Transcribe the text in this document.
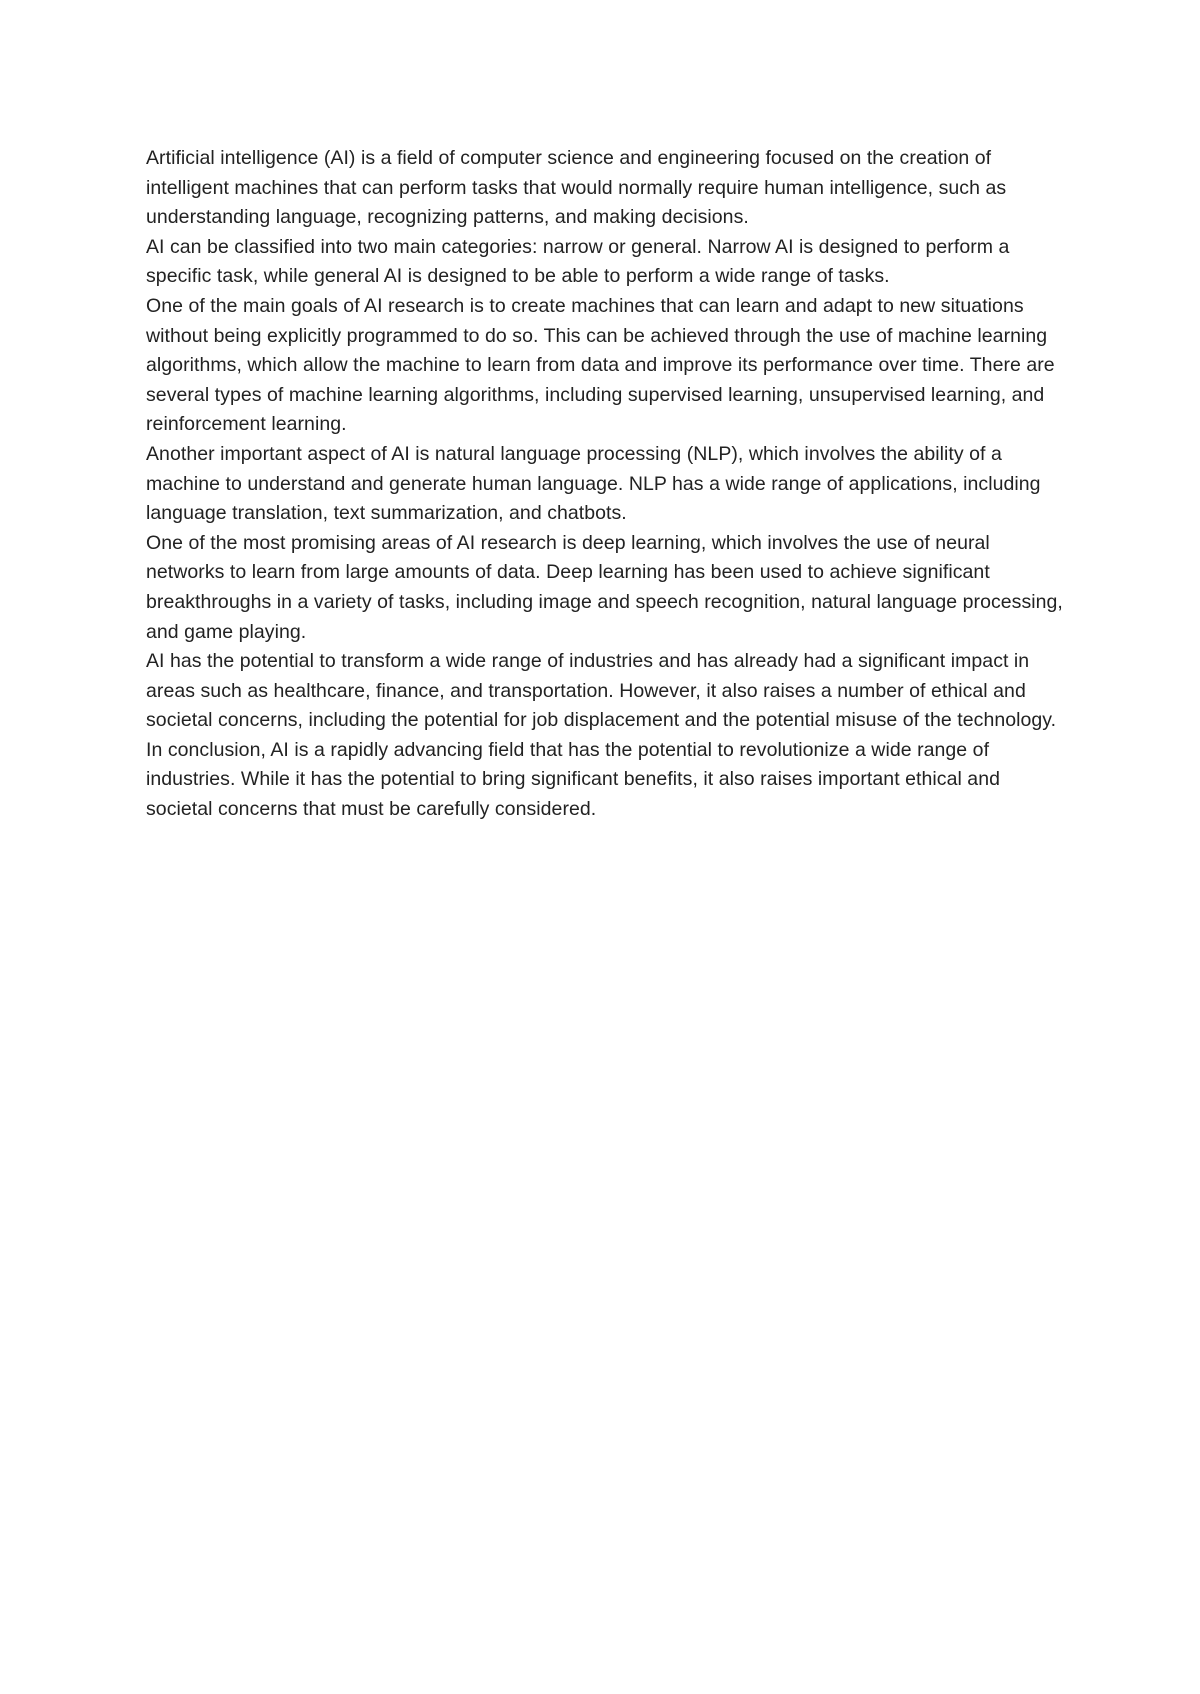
Artificial intelligence (AI) is a field of computer science and engineering focused on the creation of intelligent machines that can perform tasks that would normally require human intelligence, such as understanding language, recognizing patterns, and making decisions.

AI can be classified into two main categories: narrow or general. Narrow AI is designed to perform a specific task, while general AI is designed to be able to perform a wide range of tasks.

One of the main goals of AI research is to create machines that can learn and adapt to new situations without being explicitly programmed to do so. This can be achieved through the use of machine learning algorithms, which allow the machine to learn from data and improve its performance over time. There are several types of machine learning algorithms, including supervised learning, unsupervised learning, and reinforcement learning.

Another important aspect of AI is natural language processing (NLP), which involves the ability of a machine to understand and generate human language. NLP has a wide range of applications, including language translation, text summarization, and chatbots.

One of the most promising areas of AI research is deep learning, which involves the use of neural networks to learn from large amounts of data. Deep learning has been used to achieve significant breakthroughs in a variety of tasks, including image and speech recognition, natural language processing, and game playing.

AI has the potential to transform a wide range of industries and has already had a significant impact in areas such as healthcare, finance, and transportation. However, it also raises a number of ethical and societal concerns, including the potential for job displacement and the potential misuse of the technology.

In conclusion, AI is a rapidly advancing field that has the potential to revolutionize a wide range of industries. While it has the potential to bring significant benefits, it also raises important ethical and societal concerns that must be carefully considered.
